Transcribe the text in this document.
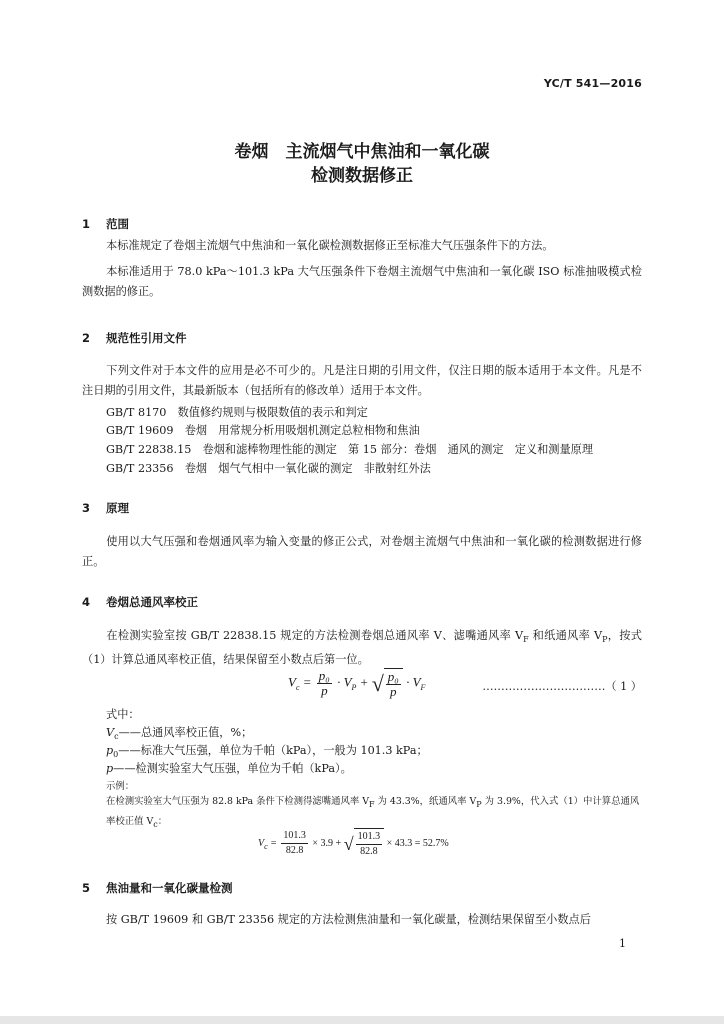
YC/T 541—2016
卷烟　主流烟气中焦油和一氧化碳
检测数据修正
1 范围
本标准规定了卷烟主流烟气中焦油和一氧化碳检测数据修正至标准大气压强条件下的方法。
本标准适用于 78.0 kPa～101.3 kPa 大气压强条件下卷烟主流烟气中焦油和一氧化碳 ISO 标准抽吸模式检测数据的修正。
2 规范性引用文件
下列文件对于本文件的应用是必不可少的。凡是注日期的引用文件，仅注日期的版本适用于本文件。凡是不注日期的引用文件，其最新版本（包括所有的修改单）适用于本文件。
GB/T 8170　数值修约规则与极限数值的表示和判定
GB/T 19609　卷烟　用常规分析用吸烟机测定总粒相物和焦油
GB/T 22838.15　卷烟和滤棒物理性能的测定　第 15 部分：卷烟　通风的测定　定义和测量原理
GB/T 23356　卷烟　烟气气相中一氧化碳的测定　非散射红外法
3 原理
使用以大气压强和卷烟通风率为输入变量的修正公式，对卷烟主流烟气中焦油和一氧化碳的检测数据进行修正。
4 卷烟总通风率校正
在检测实验室按 GB/T 22838.15 规定的方法检测卷烟总通风率 V、滤嘴通风率 $V_F$ 和纸通风率 $V_P$，按式（1）计算总通风率校正值，结果保留至小数点后第一位。
$V_c = \frac{\text{p₀}}{p} \cdot V_P$ + √ $\frac{\text{p₀}}{p} \cdot V_F$	……………………………（ 1 ）
式中：
$V_c——$总通风率校正值，%；
$p_0——$标准大气压强，单位为千帕（kPa），一般为 101.3 kPa；
p——检测实验室大气压强，单位为千帕（kPa）。
示例：
在检测实验室大气压强为 82.8 kPa 条件下检测得滤嘴通风率 VF 为 43.3%，纸通风率 VP 为 3.9%，代入式（1）中计算总通风率校正值 Vc：
$V_c = \frac{101.3}{82.8} \times 3.9$ + √ $\frac{101.3}{82.8} \times 43.3 = 52.7\%$
5 焦油量和一氧化碳量检测
按 GB/T 19609 和 GB/T 23356 规定的方法检测焦油量和一氧化碳量，检测结果保留至小数点后
1
